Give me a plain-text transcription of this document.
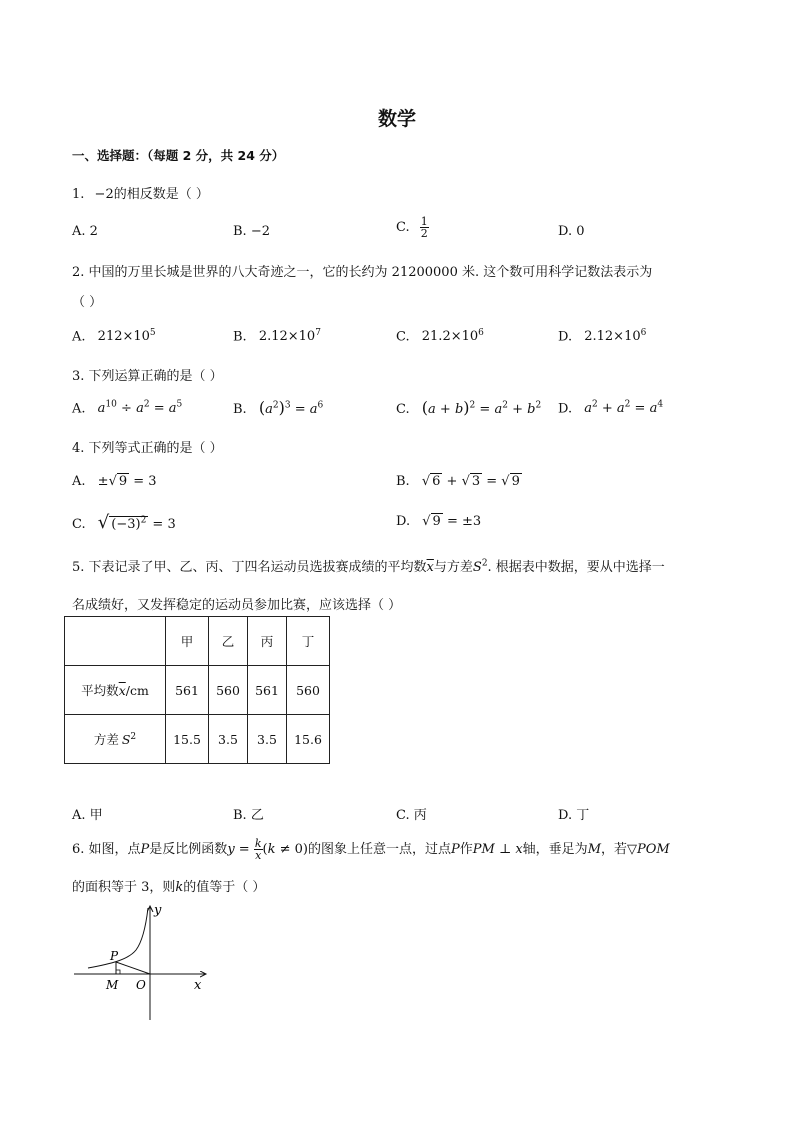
数学
一、选择题：（每题 2 分，共 24 分）
1. −2的相反数是（ ）
A. 2	B. −2	C. $\frac{1}{2}$	D. 0
2. 中国的万里长城是世界的八大奇迹之一，它的长约为 21200000 米. 这个数可用科学记数法表示为
（ ）
A. $212\times 10^5$	B. $2.12\times 10^7$	C. $21.2\times 10^6$	D. $2.12\times 10^6$
3. 下列运算正确的是（ ）
A. $a^{10} \div a^2 = a^5$	B. $(a^2)^3 = a^6$	C. $(a + b)^2 = a^2 + b^2$ D. $a^2 + a^2 = a^4$
4. 下列等式正确的是（ ）
A. ±√ 9 = 3	B. √ 6 + √ 3 = √ 9
C. √ $(-3)^2 = 3$	D. √ 9 = ±3
5. 下表记录了甲、乙、丙、丁四名运动员选拔赛成绩的平均数$\overline{x}$与方差$S^2$. 根据表中数据，要从中选择一
名成绩好，又发挥稳定的运动员参加比赛，应该选择（ ）
	甲	乙	丙	丁
平均数$\overline{x}/cm$	561	560	561	560
方差 $S^2$	15.5	3.5	3.5	15.6
A. 甲	B. 乙	C. 丙	D. 丁
6. 如图，点P是反比例函数$y = \frac{k}{x} (k \ne 0)$的图象上任意一点，过点P作PM ⊥ x轴，垂足为M，若▽POM
的面积等于 3，则k的值等于（ ）
y
x
P
M O
